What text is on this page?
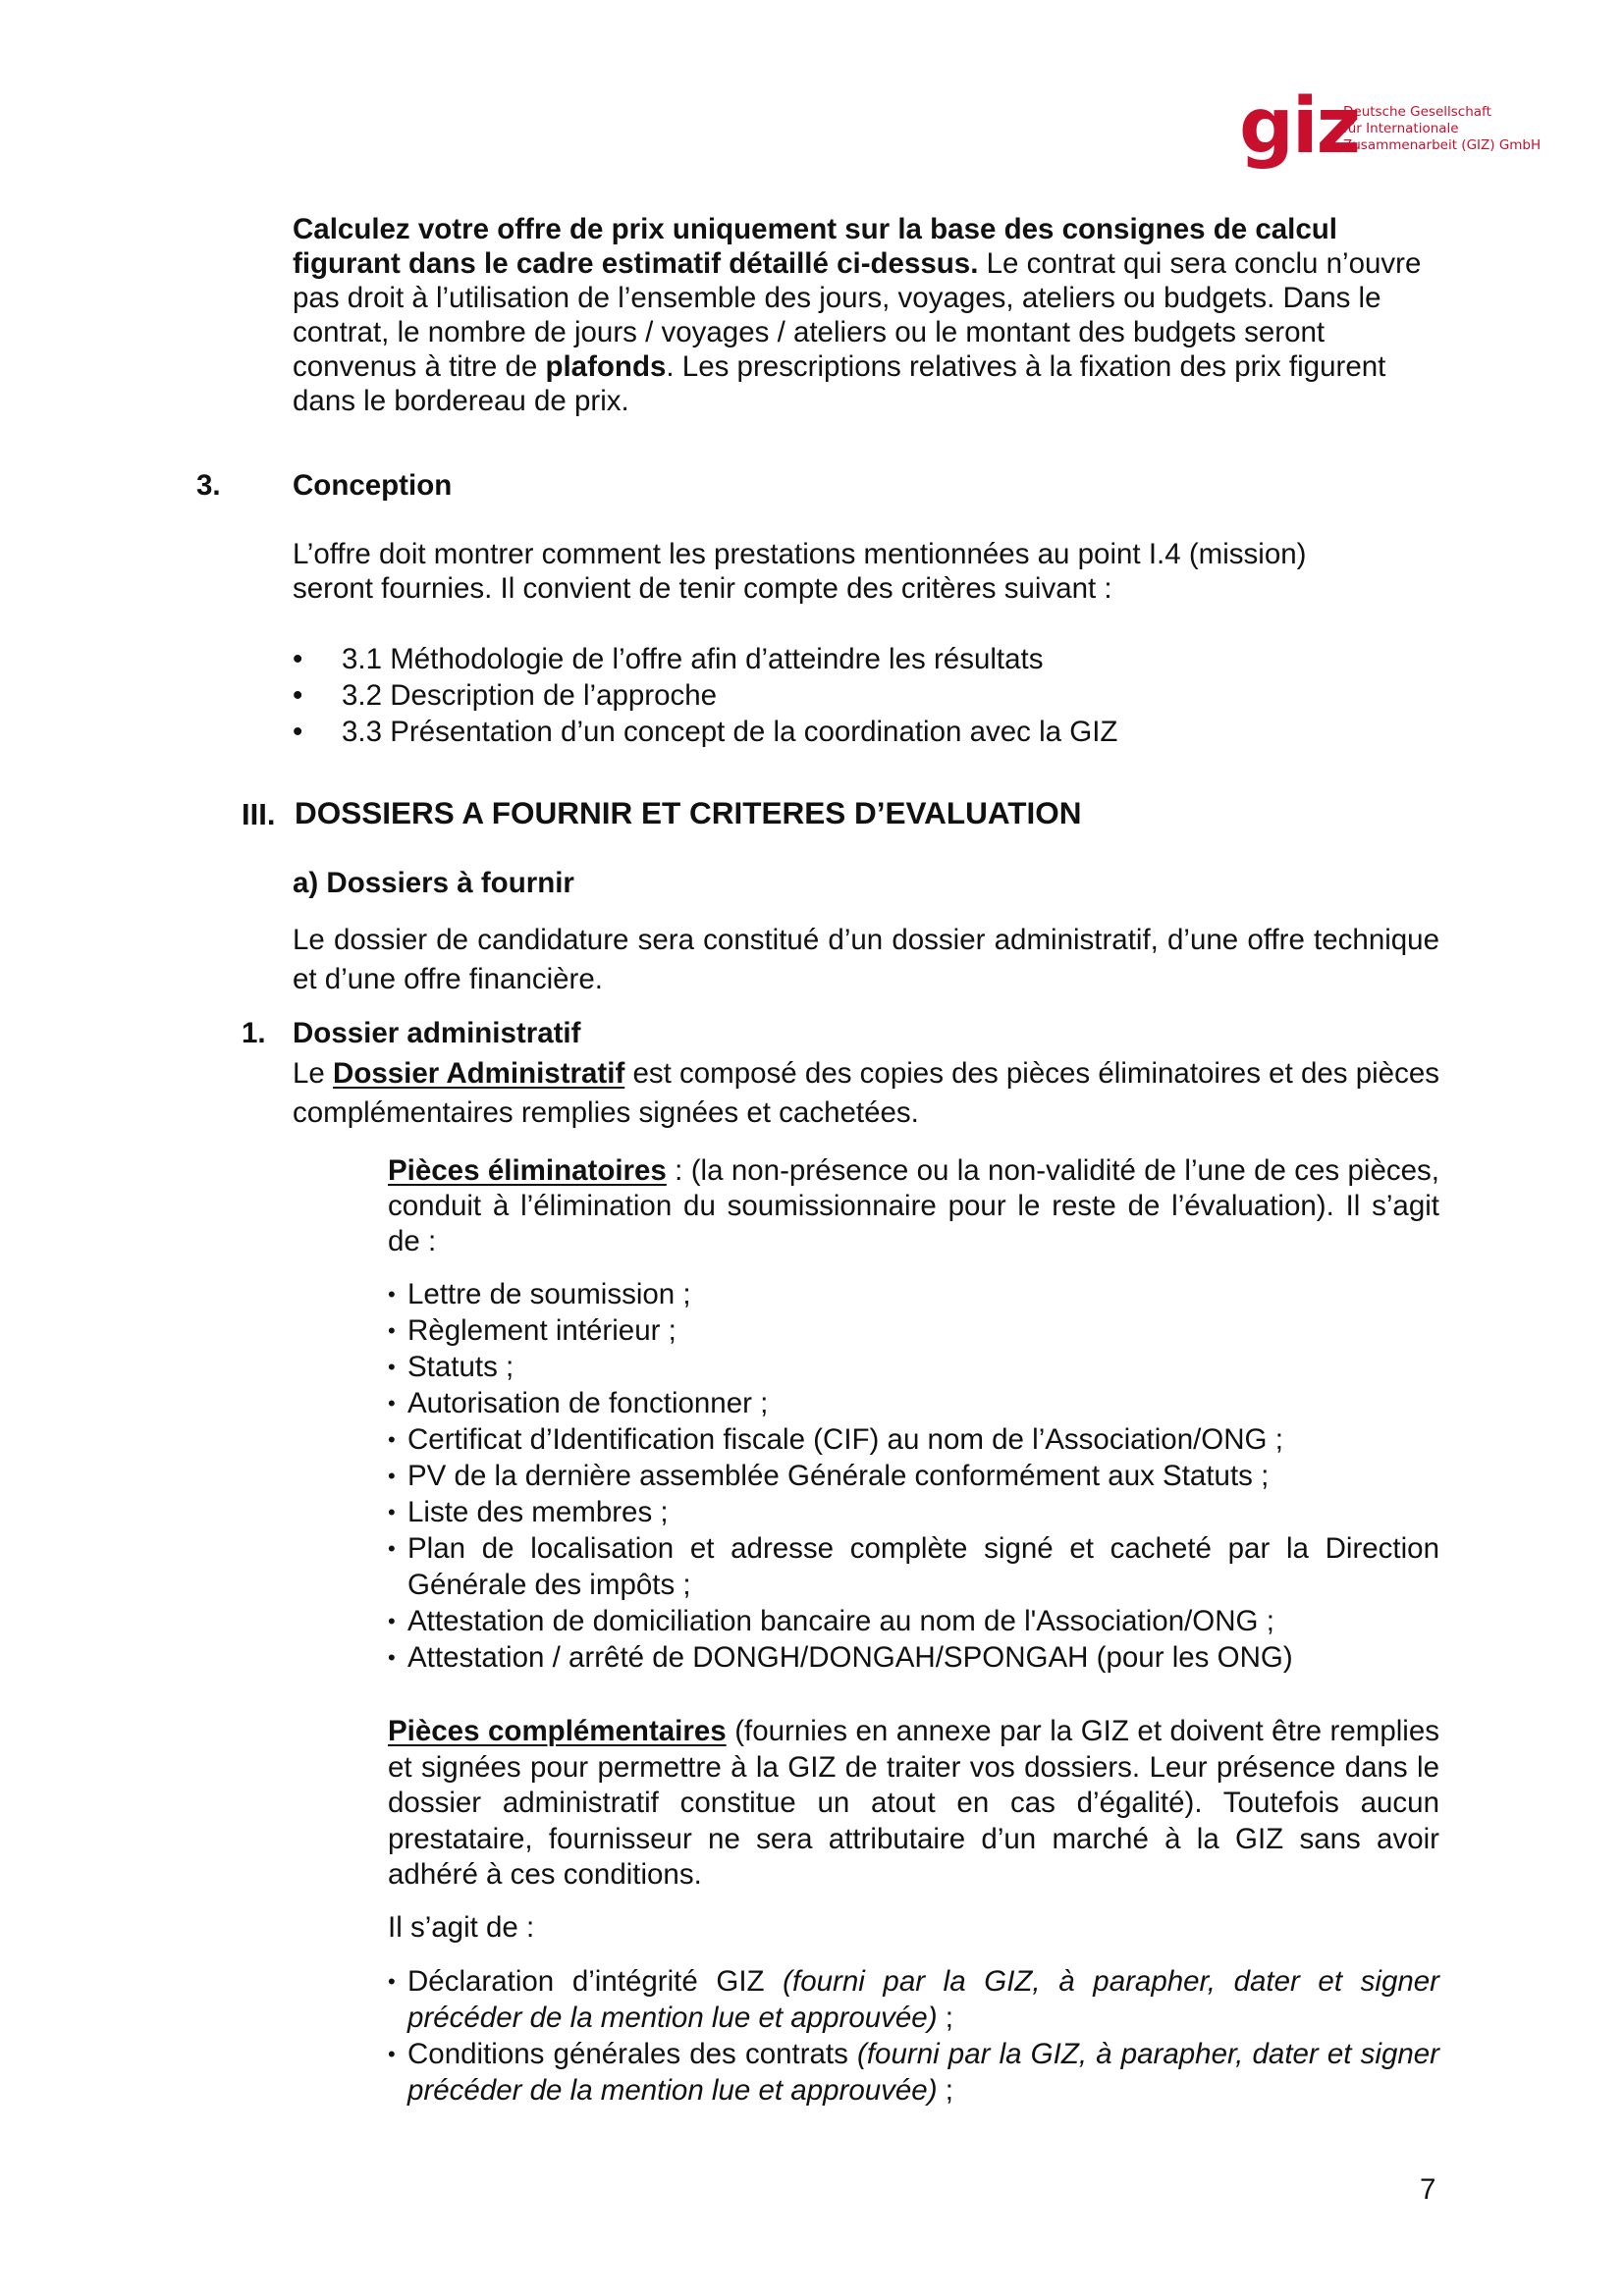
giz
Deutsche Gesellschaft
für Internationale
Zusammenarbeit (GIZ) GmbH
Calculez votre offre de prix uniquement sur la base des consignes de calcul figurant dans le cadre estimatif détaillé ci-dessus. Le contrat qui sera conclu n’ouvre pas droit à l’utilisation de l’ensemble des jours, voyages, ateliers ou budgets. Dans le contrat, le nombre de jours / voyages / ateliers ou le montant des budgets seront convenus à titre de plafonds. Les prescriptions relatives à la fixation des prix figurent dans le bordereau de prix.
3. Conception
L’offre doit montrer comment les prestations mentionnées au point I.4 (mission) seront fournies. Il convient de tenir compte des critères suivant :
•	3.1 Méthodologie de l’offre afin d’atteindre les résultats
•	3.2 Description de l’approche
•	3.3 Présentation d’un concept de la coordination avec la GIZ
III. DOSSIERS A FOURNIR ET CRITERES D’EVALUATION
a) Dossiers à fournir
Le dossier de candidature sera constitué d’un dossier administratif, d’une offre technique et d’une offre financière.
1. Dossier administratif
Le Dossier Administratif est composé des copies des pièces éliminatoires et des pièces complémentaires remplies signées et cachetées.
Pièces éliminatoires : (la non-présence ou la non-validité de l’une de ces pièces, conduit à l’élimination du soumissionnaire pour le reste de l’évaluation). Il s’agit de :
• Lettre de soumission ;
• Règlement intérieur ;
• Statuts ;
• Autorisation de fonctionner ;
• Certificat d’Identification fiscale (CIF) au nom de l’Association/ONG ;
• PV de la dernière assemblée Générale conformément aux Statuts ;
• Liste des membres ;
• Plan de localisation et adresse complète signé et cacheté par la Direction Générale des impôts ;
• Attestation de domiciliation bancaire au nom de l'Association/ONG ;
• Attestation / arrêté de DONGH/DONGAH/SPONGAH (pour les ONG)
Pièces complémentaires (fournies en annexe par la GIZ et doivent être remplies et signées pour permettre à la GIZ de traiter vos dossiers. Leur présence dans le dossier administratif constitue un atout en cas d’égalité). Toutefois aucun prestataire, fournisseur ne sera attributaire d’un marché à la GIZ sans avoir adhéré à ces conditions.
Il s’agit de :
• Déclaration d’intégrité GIZ (fourni par la GIZ, à parapher, dater et signer précéder de la mention lue et approuvée) ;
• Conditions générales des contrats (fourni par la GIZ, à parapher, dater et signer précéder de la mention lue et approuvée) ;
7
